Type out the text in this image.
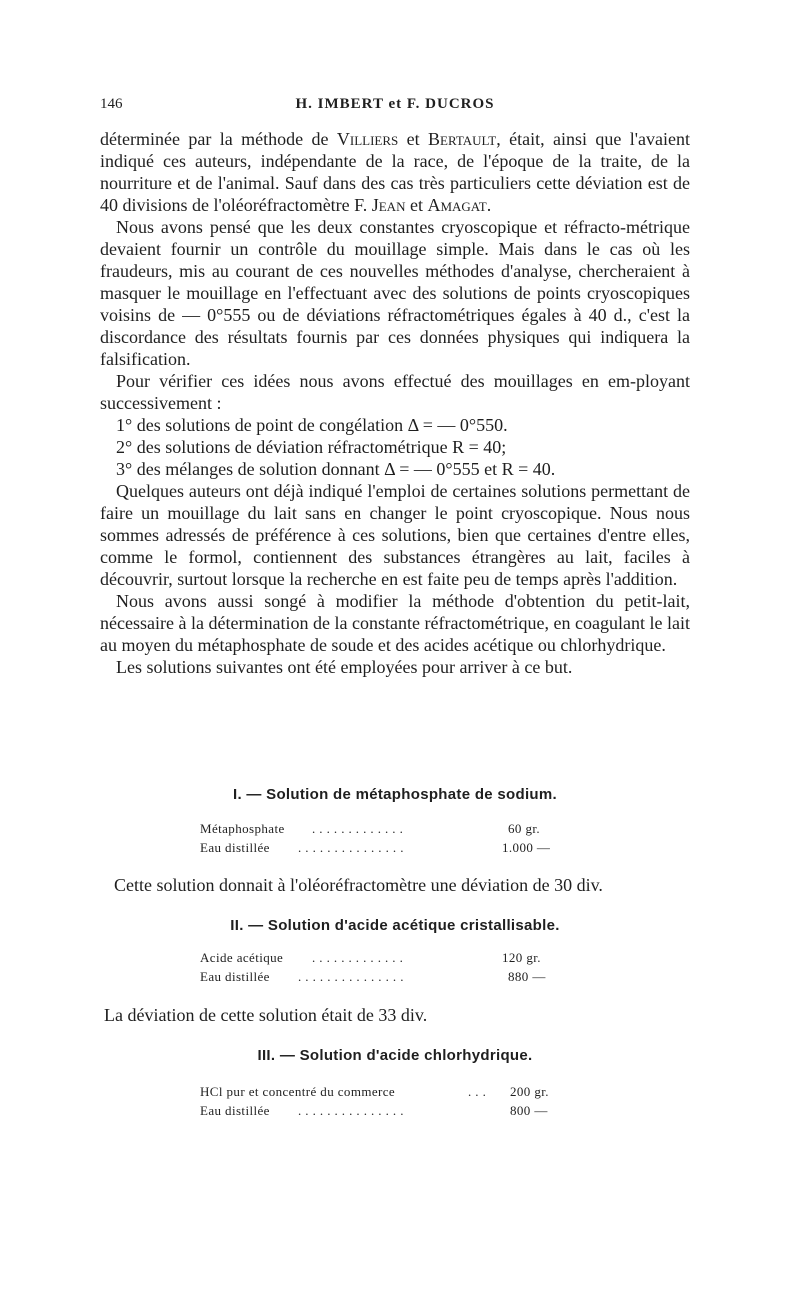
146	H. IMBERT et F. DUCROS

déterminée par la méthode de Villiers et Bertault, était, ainsi que l'avaient indiqué ces auteurs, indépendante de la race, de l'époque de la traite, de la nourriture et de l'animal. Sauf dans des cas très particuliers cette déviation est de 40 divisions de l'oléoréfractomètre F. Jean et Amagat.

Nous avons pensé que les deux constantes cryoscopique et réfracto-métrique devaient fournir un contrôle du mouillage simple. Mais dans le cas où les fraudeurs, mis au courant de ces nouvelles méthodes d'analyse, chercheraient à masquer le mouillage en l'effectuant avec des solutions de points cryoscopiques voisins de — 0°555 ou de déviations réfractométriques égales à 40 d., c'est la discordance des résultats fournis par ces données physiques qui indiquera la falsification.

Pour vérifier ces idées nous avons effectué des mouillages en em-ployant successivement :

1° des solutions de point de congélation Δ = — 0°550.

2° des solutions de déviation réfractométrique R = 40;

3° des mélanges de solution donnant Δ = — 0°555 et R = 40.

Quelques auteurs ont déjà indiqué l'emploi de certaines solutions permettant de faire un mouillage du lait sans en changer le point cryoscopique. Nous nous sommes adressés de préférence à ces solutions, bien que certaines d'entre elles, comme le formol, contiennent des substances étrangères au lait, faciles à découvrir, surtout lorsque la recherche en est faite peu de temps après l'addition.

Nous avons aussi songé à modifier la méthode d'obtention du petit-lait, nécessaire à la détermination de la constante réfractométrique, en coagulant le lait au moyen du métaphosphate de soude et des acides acétique ou chlorhydrique.

Les solutions suivantes ont été employées pour arriver à ce but.

I. — Solution de métaphosphate de sodium.
Métaphosphate . . . . . . . . . . . . .	60 gr.
Eau distillée . . . . . . . . . . . . . . .	1.000 —
Cette solution donnait à l'oléoréfractomètre une déviation de 30 div.
II. — Solution d'acide acétique cristallisable.
Acide acétique . . . . . . . . . . . . .	120 gr.
Eau distillée . . . . . . . . . . . . . . .	880 —
La déviation de cette solution était de 33 div.
III. — Solution d'acide chlorhydrique.
HCl pur et concentré du commerce	. . . 200 gr.
Eau distillée . . . . . . . . . . . . . . .	800 —
